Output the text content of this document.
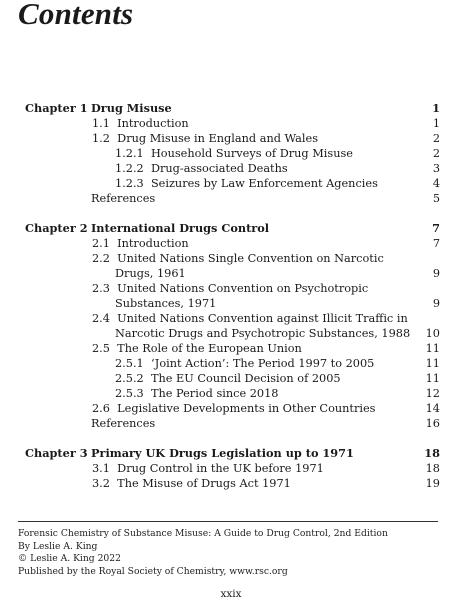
Contents
Chapter 1 Drug Misuse	1
1.1 Introduction	1
1.2 Drug Misuse in England and Wales	2
1.2.1 Household Surveys of Drug Misuse	2
1.2.2 Drug-associated Deaths	3
1.2.3 Seizures by Law Enforcement Agencies	4
References	5
Chapter 2 International Drugs Control	7
2.1 Introduction	7
2.2 United Nations Single Convention on Narcotic
Drugs, 1961	9
2.3 United Nations Convention on Psychotropic
Substances, 1971	9
2.4 United Nations Convention against Illicit Traffic in
Narcotic Drugs and Psychotropic Substances, 1988 10
2.5 The Role of the European Union	11
2.5.1 ‘Joint Action’: The Period 1997 to 2005	11
2.5.2 The EU Council Decision of 2005	11
2.5.3 The Period since 2018	12
2.6 Legislative Developments in Other Countries	14
References	16
Chapter 3 Primary UK Drugs Legislation up to 1971	18
3.1 Drug Control in the UK before 1971	18
3.2 The Misuse of Drugs Act 1971	19
Forensic Chemistry of Substance Misuse: A Guide to Drug Control, 2nd Edition
By Leslie A. King
© Leslie A. King 2022
Published by the Royal Society of Chemistry, www.rsc.org
xxix
